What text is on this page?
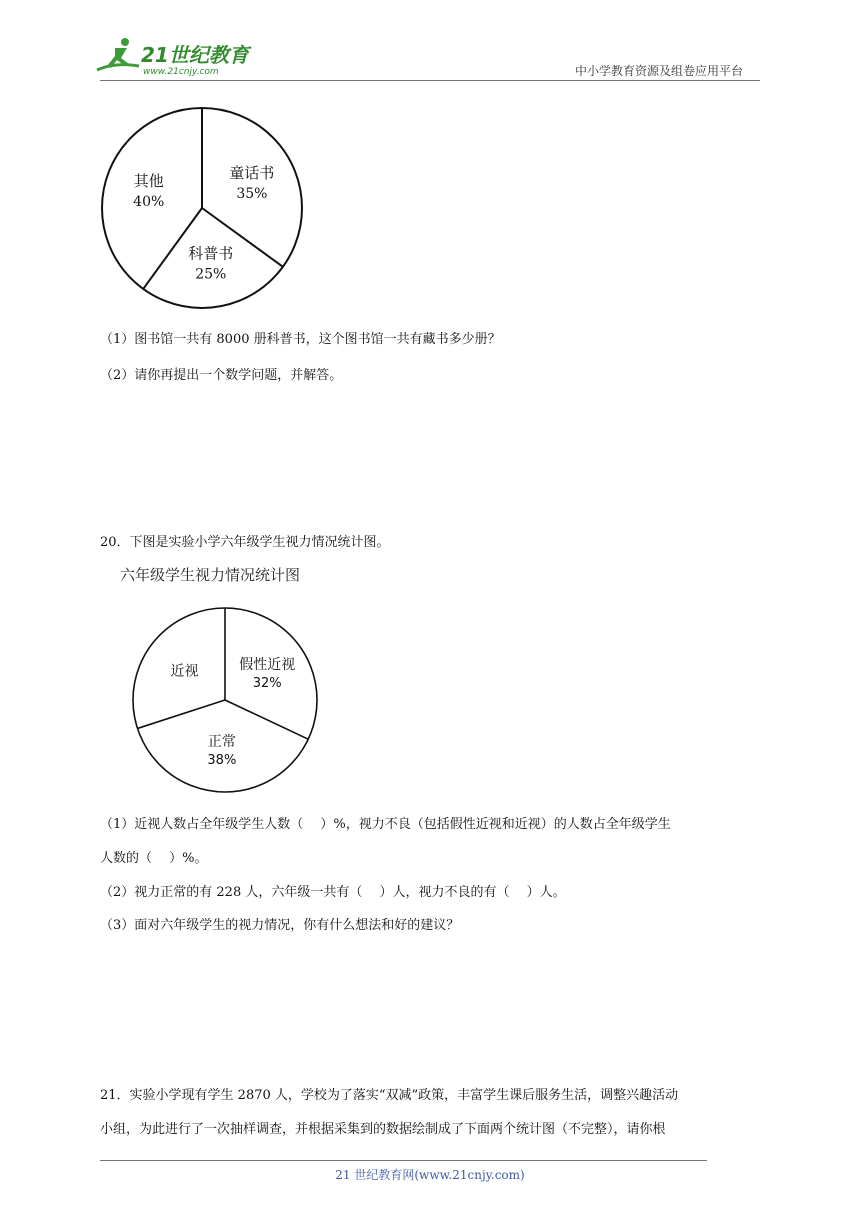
21世纪教育
www.21cnjy.com	中小学教育资源及组卷应用平台
童话书
35%
科普书
25%
其他
40%
（1）图书馆一共有 8000 册科普书，这个图书馆一共有藏书多少册？
（2）请你再提出一个数学问题，并解答。
20．下图是实验小学六年级学生视力情况统计图。
六年级学生视力情况统计图
假性近视
32%
正常
38%
近视
（1）近视人数占全年级学生人数（　 ）%，视力不良（包括假性近视和近视）的人数占全年级学生
人数的（　 ）%。
（2）视力正常的有 228 人，六年级一共有（　 ）人，视力不良的有（　 ）人。
（3）面对六年级学生的视力情况，你有什么想法和好的建议？
21．实验小学现有学生 2870 人，学校为了落实“双减”政策，丰富学生课后服务生活，调整兴趣活动
小组，为此进行了一次抽样调查，并根据采集到的数据绘制成了下面两个统计图（不完整），请你根
21 世纪教育网(www.21cnjy.com)
